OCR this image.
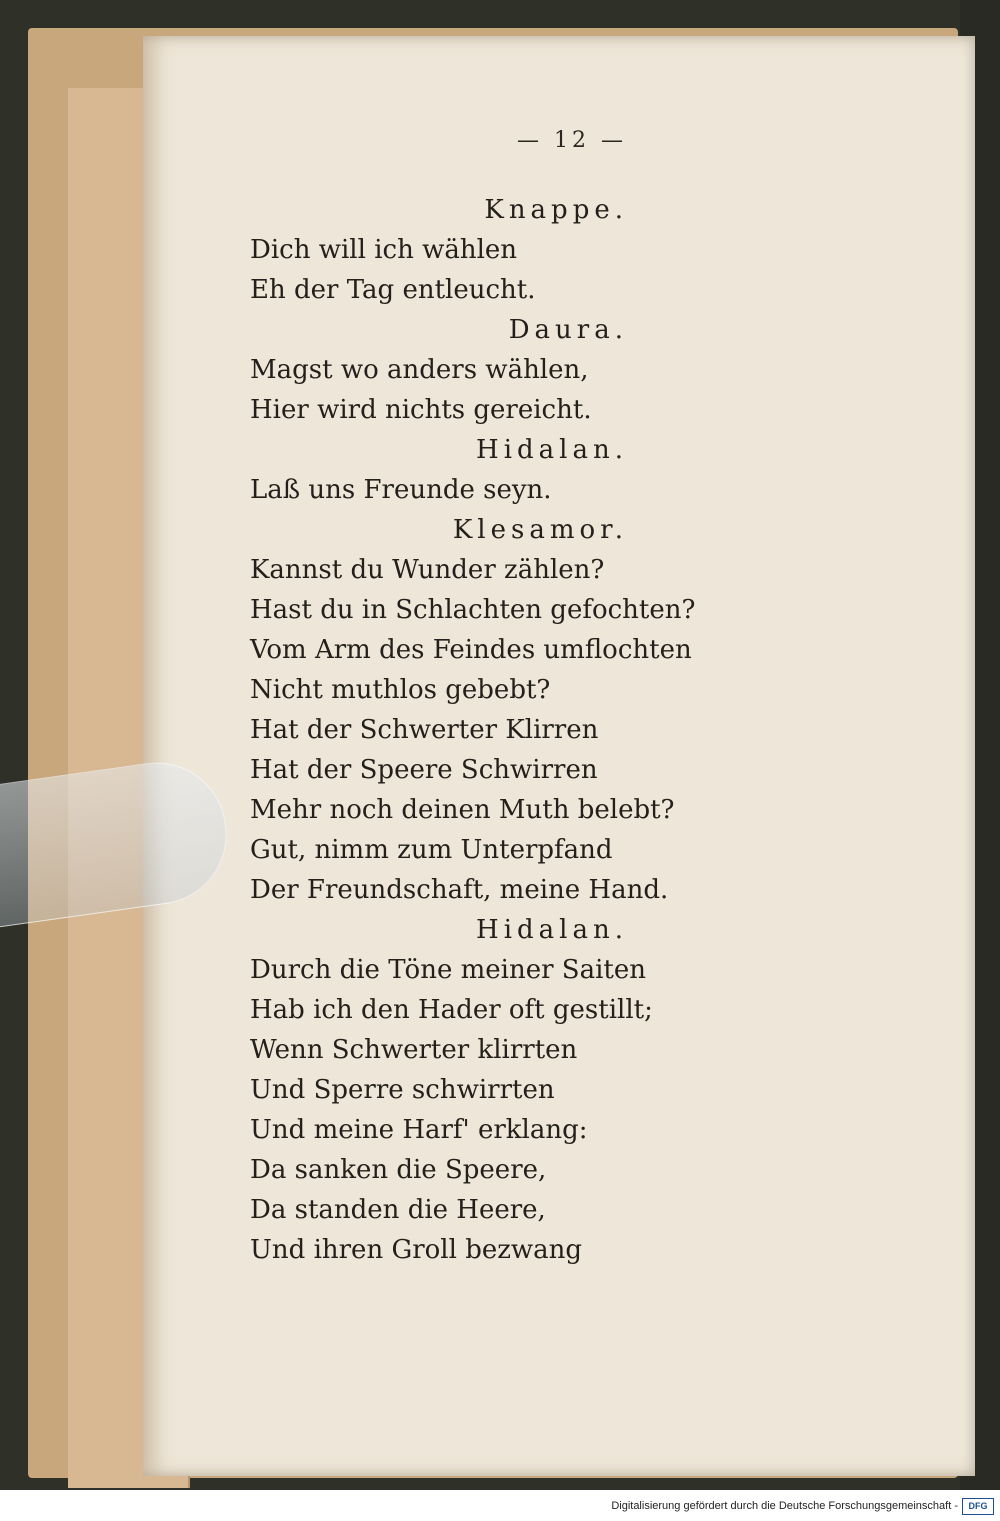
— 12 —
Knappe.
Dich will ich wählen
Eh der Tag entleucht.
Daura.
Magst wo anders wählen,
Hier wird nichts gereicht.
Hidalan.
Laß uns Freunde seyn.
Klesamor.
Kannst du Wunder zählen?
Hast du in Schlachten gefochten?
Vom Arm des Feindes umflochten
Nicht muthlos gebebt?
Hat der Schwerter Klirren
Hat der Speere Schwirren
Mehr noch deinen Muth belebt?
Gut, nimm zum Unterpfand
Der Freundschaft, meine Hand.
Hidalan.
Durch die Töne meiner Saiten
Hab ich den Hader oft gestillt;
Wenn Schwerter klirrten
Und Sperre schwirrten
Und meine Harf' erklang:
Da sanken die Speere,
Da standen die Heere,
Und ihren Groll bezwang
Digitalisierung gefördert durch die Deutsche Forschungsgemeinschaft -	DFG
